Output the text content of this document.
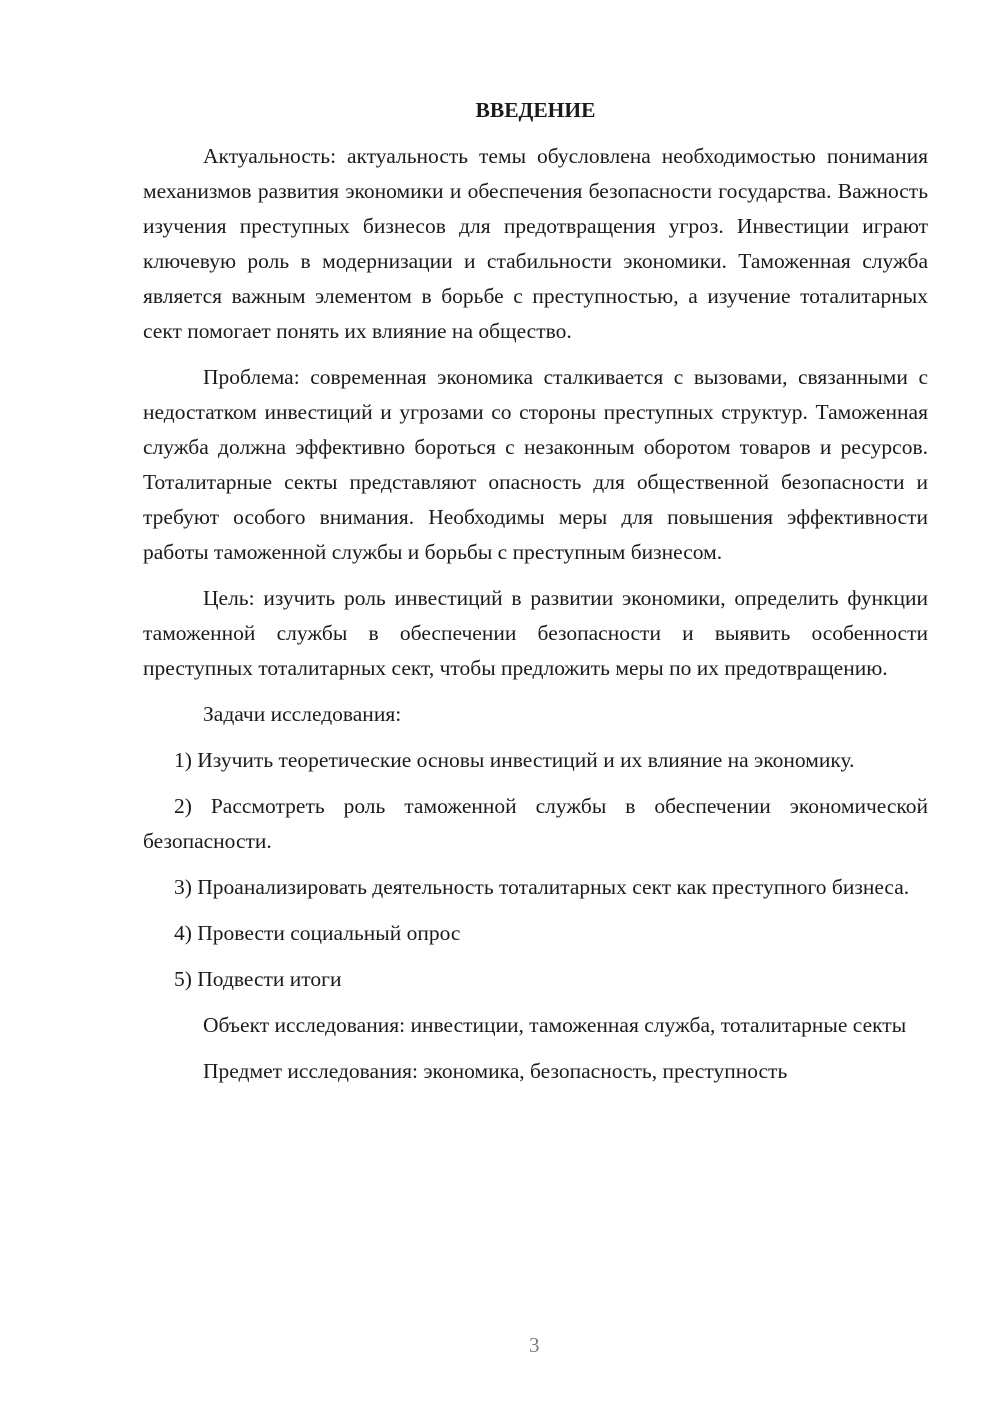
ВВЕДЕНИЕ

Актуальность: актуальность темы обусловлена необходимостью понимания механизмов развития экономики и обеспечения безопасности государства. Важность изучения преступных бизнесов для предотвращения угроз. Инвестиции играют ключевую роль в модернизации и стабильности экономики. Таможенная служба является важным элементом в борьбе с преступностью, а изучение тоталитарных сект помогает понять их влияние на общество.

Проблема: современная экономика сталкивается с вызовами, связанными с недостатком инвестиций и угрозами со стороны преступных структур. Таможенная служба должна эффективно бороться с незаконным оборотом товаров и ресурсов. Тоталитарные секты представляют опасность для общественной безопасности и требуют особого внимания. Необходимы меры для повышения эффективности работы таможенной службы и борьбы с преступным бизнесом.

Цель: изучить роль инвестиций в развитии экономики, определить функции таможенной службы в обеспечении безопасности и выявить особенности преступных тоталитарных сект, чтобы предложить меры по их предотвращению.

Задачи исследования:

1) Изучить теоретические основы инвестиций и их влияние на экономику.

2) Рассмотреть роль таможенной службы в обеспечении экономической безопасности.

3) Проанализировать деятельность тоталитарных сект как преступного бизнеса.

4) Провести социальный опрос

5) Подвести итоги

Объект исследования: инвестиции, таможенная служба, тоталитарные секты

Предмет исследования: экономика, безопасность, преступность

3
